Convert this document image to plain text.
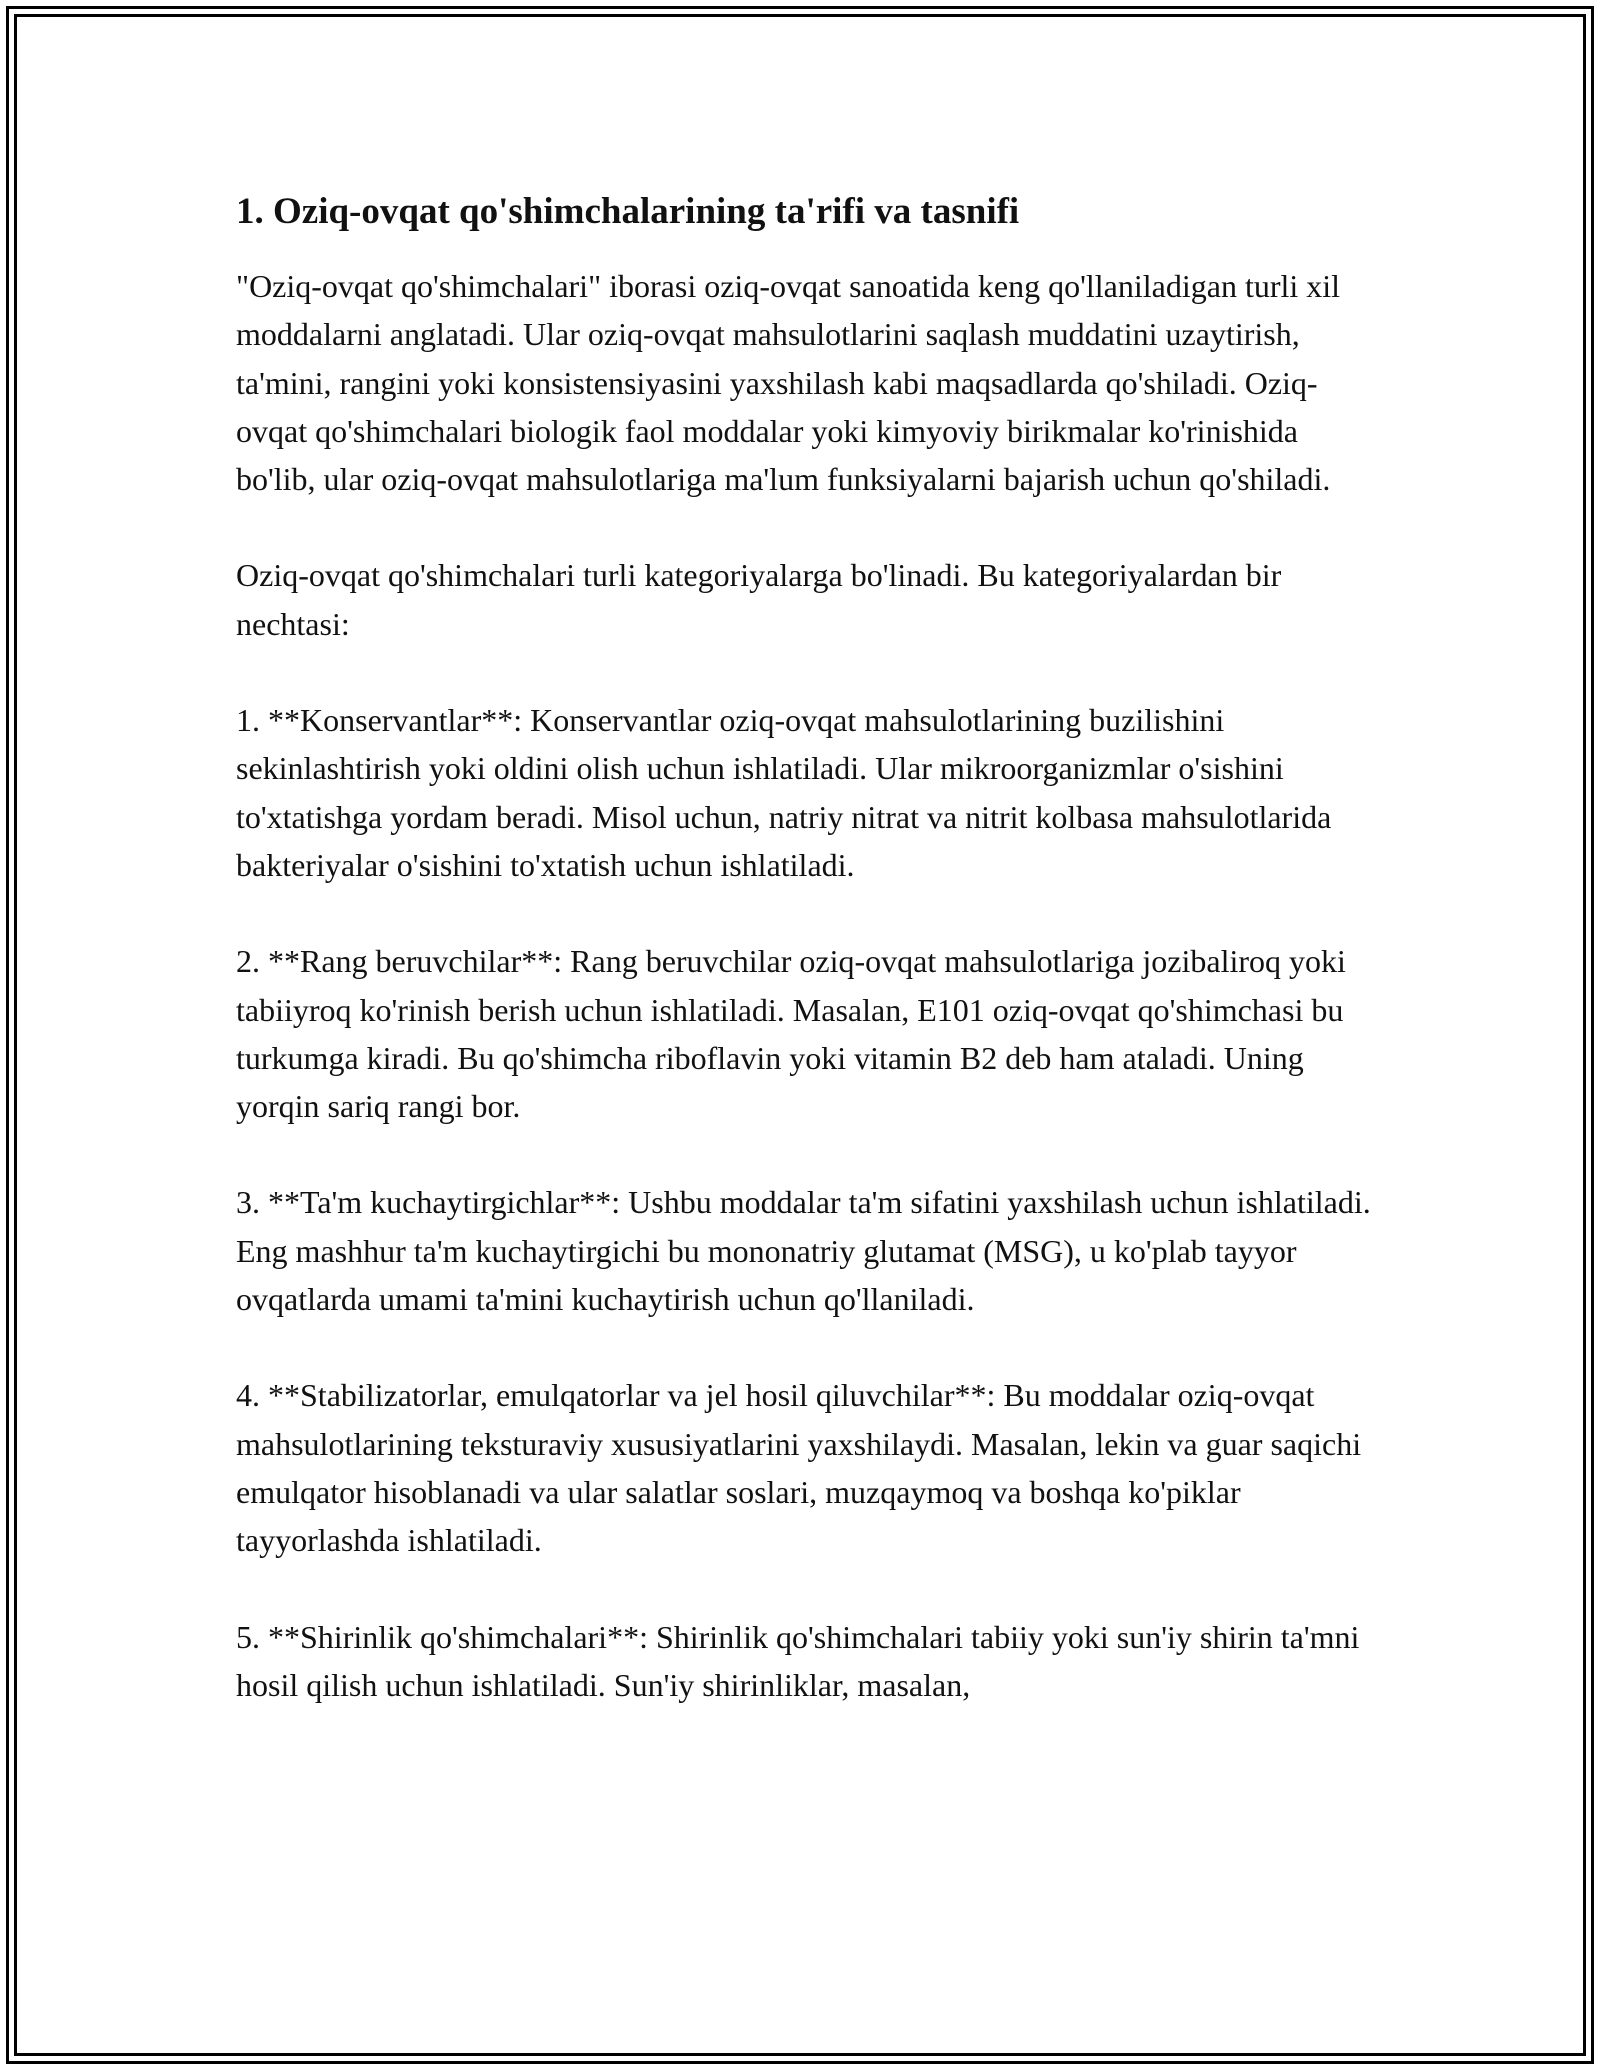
1. Oziq-ovqat qo'shimchalarining ta'rifi va tasnifi

"Oziq-ovqat qo'shimchalari" iborasi oziq-ovqat sanoatida keng qo'llaniladigan turli xil moddalarni anglatadi. Ular oziq-ovqat mahsulotlarini saqlash muddatini uzaytirish, ta'mini, rangini yoki konsistensiyasini yaxshilash kabi maqsadlarda qo'shiladi. Oziq-ovqat qo'shimchalari biologik faol moddalar yoki kimyoviy birikmalar ko'rinishida bo'lib, ular oziq-ovqat mahsulotlariga ma'lum funksiyalarni bajarish uchun qo'shiladi.

Oziq-ovqat qo'shimchalari turli kategoriyalarga bo'linadi. Bu kategoriyalardan bir nechtasi:

1. **Konservantlar**: Konservantlar oziq-ovqat mahsulotlarining buzilishini sekinlashtirish yoki oldini olish uchun ishlatiladi. Ular mikroorganizmlar o'sishini to'xtatishga yordam beradi. Misol uchun, natriy nitrat va nitrit kolbasa mahsulotlarida bakteriyalar o'sishini to'xtatish uchun ishlatiladi.

2. **Rang beruvchilar**: Rang beruvchilar oziq-ovqat mahsulotlariga jozibaliroq yoki tabiiyroq ko'rinish berish uchun ishlatiladi. Masalan, E101 oziq-ovqat qo'shimchasi bu turkumga kiradi. Bu qo'shimcha riboflavin yoki vitamin B2 deb ham ataladi. Uning yorqin sariq rangi bor.

3. **Ta'm kuchaytirgichlar**: Ushbu moddalar ta'm sifatini yaxshilash uchun ishlatiladi. Eng mashhur ta'm kuchaytirgichi bu mononatriy glutamat (MSG), u ko'plab tayyor ovqatlarda umami ta'mini kuchaytirish uchun qo'llaniladi.

4. **Stabilizatorlar, emulqatorlar va jel hosil qiluvchilar**: Bu moddalar oziq-ovqat mahsulotlarining teksturaviy xususiyatlarini yaxshilaydi. Masalan, lekin va guar saqichi emulqator hisoblanadi va ular salatlar soslari, muzqaymoq va boshqa ko'piklar tayyorlashda ishlatiladi.

5. **Shirinlik qo'shimchalari**: Shirinlik qo'shimchalari tabiiy yoki sun'iy shirin ta'mni hosil qilish uchun ishlatiladi. Sun'iy shirinliklar, masalan,
